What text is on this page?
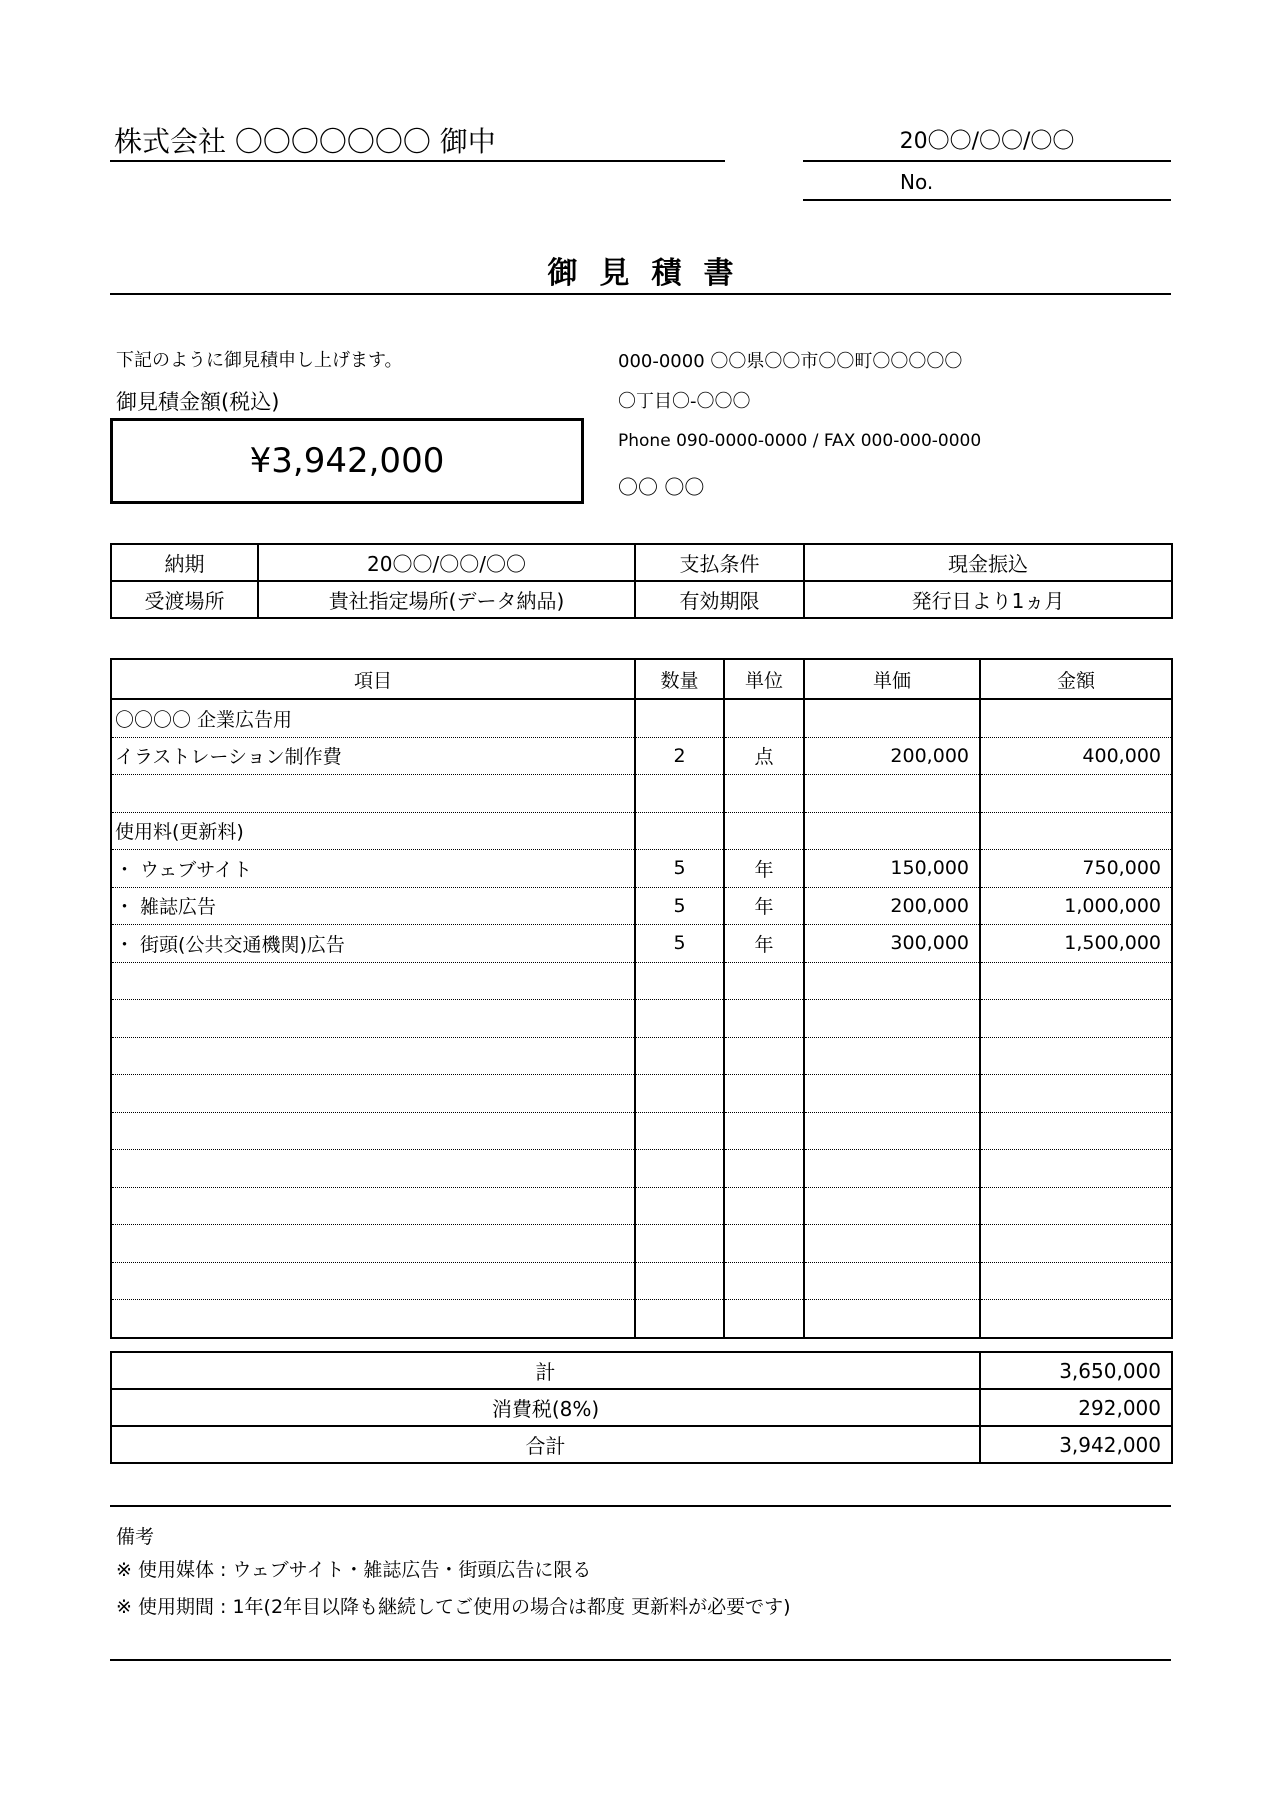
株式会社 〇〇〇〇〇〇〇 御中	20〇〇/〇〇/〇〇
No.
御見積書
下記のように御見積申し上げます。
御見積金額(税込)
¥3,942,000
000-0000 〇〇県〇〇市〇〇町〇〇〇〇〇
〇丁目〇-〇〇〇
Phone 090-0000-0000 / FAX 000-000-0000
〇〇 〇〇
納期	20〇〇/〇〇/〇〇	支払条件	現金振込
受渡場所	貴社指定場所(データ納品)	有効期限	発行日より1ヵ月
項目	数量	単位	単価	金額
〇〇〇〇 企業広告用				
イラストレーション制作費	2	点	200,000	400,000

使用料(更新料)				
・ ウェブサイト	5	年	150,000	750,000
・ 雑誌広告	5	年	200,000	1,000,000
・ 街頭(公共交通機関)広告	5	年	300,000	1,500,000

計	3,650,000
消費税(8%)	292,000
合計	3,942,000
備考
※ 使用媒体 : ウェブサイト・雑誌広告・街頭広告に限る
※ 使用期間 : 1年(2年目以降も継続してご使用の場合は都度 更新料が必要です)
